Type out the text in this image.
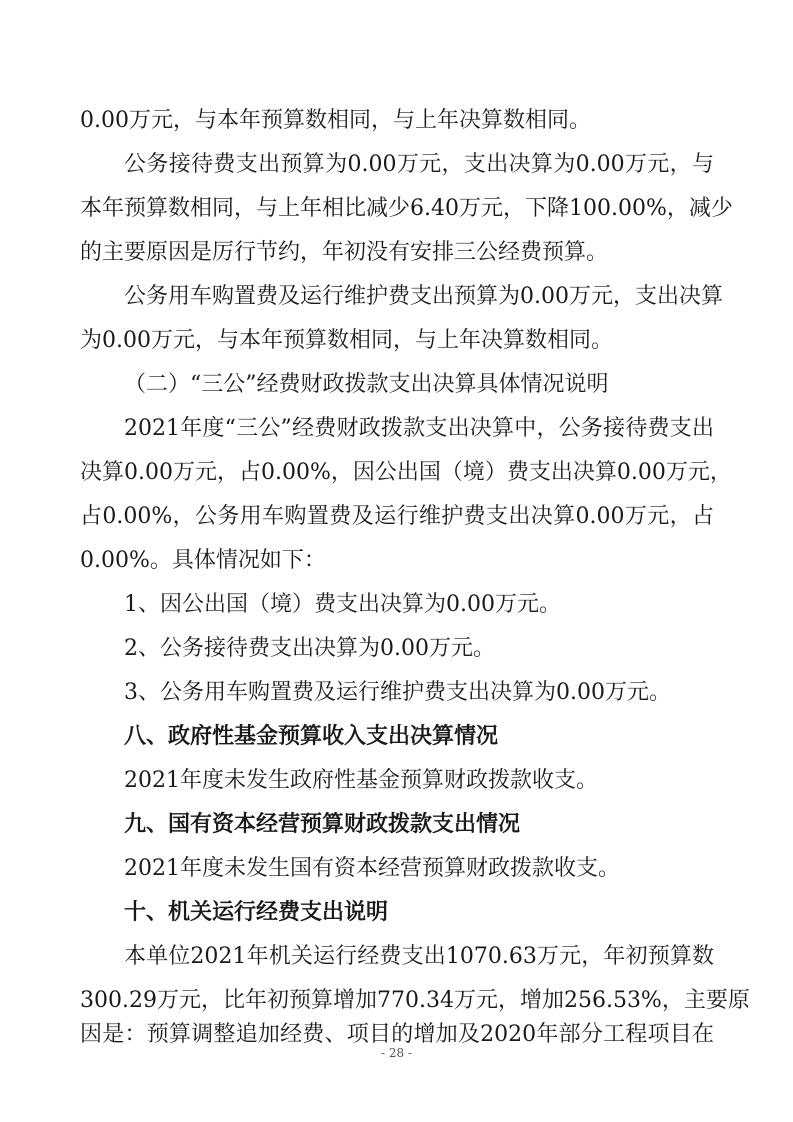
0.00万元，与本年预算数相同，与上年决算数相同。
公务接待费支出预算为0.00万元，支出决算为0.00万元，与
本年预算数相同，与上年相比减少6.40万元，下降100.00%，减少
的主要原因是厉行节约，年初没有安排三公经费预算。
公务用车购置费及运行维护费支出预算为0.00万元，支出决算
为0.00万元，与本年预算数相同，与上年决算数相同。
（二）“三公”经费财政拨款支出决算具体情况说明
2021年度“三公”经费财政拨款支出决算中，公务接待费支出
决算0.00万元，占0.00%，因公出国（境）费支出决算0.00万元，
占0.00%，公务用车购置费及运行维护费支出决算0.00万元，占
0.00%。具体情况如下：
1、因公出国（境）费支出决算为0.00万元。
2、公务接待费支出决算为0.00万元。
3、公务用车购置费及运行维护费支出决算为0.00万元。
八、政府性基金预算收入支出决算情况
2021年度未发生政府性基金预算财政拨款收支。
九、国有资本经营预算财政拨款支出情况
2021年度未发生国有资本经营预算财政拨款收支。
十、机关运行经费支出说明
本单位2021年机关运行经费支出1070.63万元，年初预算数
300.29万元，比年初预算增加770.34万元，增加256.53%，主要原
因是：预算调整追加经费、项目的增加及2020年部分工程项目在
- 28 -
